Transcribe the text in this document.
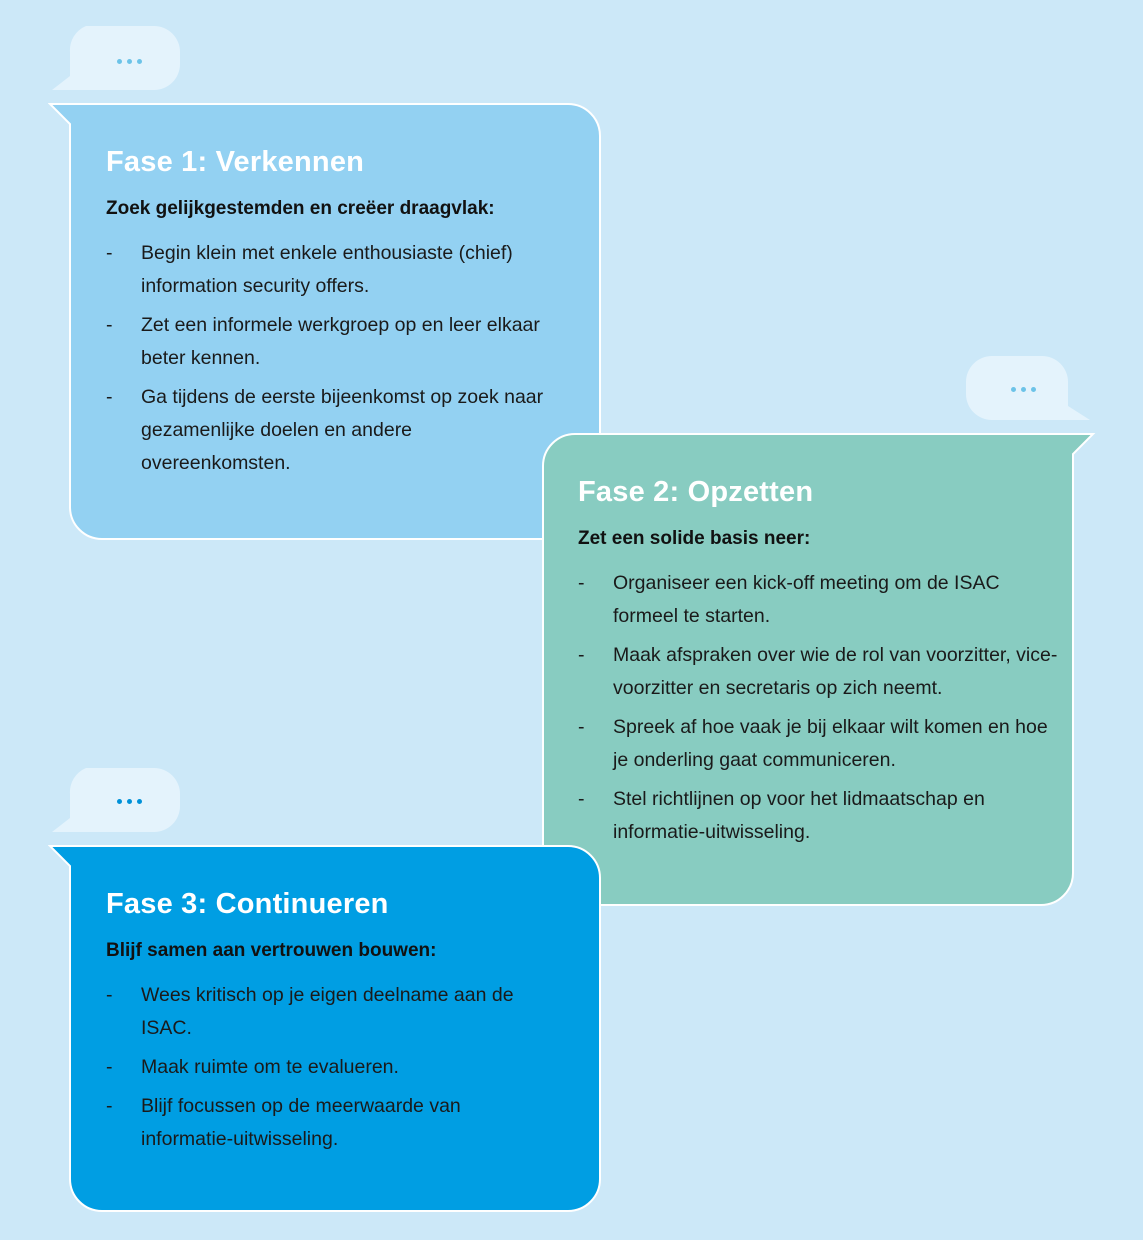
Fase 1: Verkennen
Zoek gelijkgestemden en creëer draagvlak:
- Begin klein met enkele enthousiaste (chief) information security offers.
- Zet een informele werkgroep op en leer elkaar beter kennen.
- Ga tijdens de eerste bijeenkomst op zoek naar gezamenlijke doelen en andere overeenkomsten.
Fase 2: Opzetten
Zet een solide basis neer:
- Organiseer een kick-off meeting om de ISAC formeel te starten.
- Maak afspraken over wie de rol van voorzitter, vice-voorzitter en secretaris op zich neemt.
- Spreek af hoe vaak je bij elkaar wilt komen en hoe je onderling gaat communiceren.
- Stel richtlijnen op voor het lidmaatschap en informatie-uitwisseling.
Fase 3: Continueren
Blijf samen aan vertrouwen bouwen:
- Wees kritisch op je eigen deelname aan de ISAC.
- Maak ruimte om te evalueren.
- Blijf focussen op de meerwaarde van informatie-uitwisseling.
